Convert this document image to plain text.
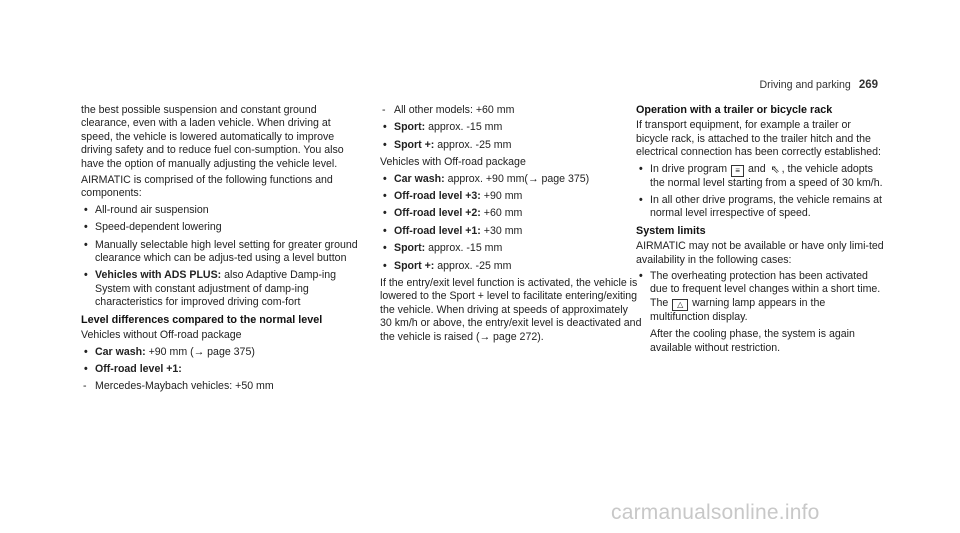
Driving and parking 269

the best possible suspension and constant ground clearance, even with a laden vehicle. When driving at speed, the vehicle is lowered automatically to improve driving safety and to reduce fuel con-sumption. You also have the option of manually adjusting the vehicle level.

AIRMATIC is comprised of the following functions and components:

• All-round air suspension
• Speed-dependent lowering
• Manually selectable high level setting for greater ground clearance which can be adjus-ted using a level button
• Vehicles with ADS PLUS: also Adaptive Damp-ing System with constant adjustment of damp-ing characteristics for improved driving com-fort
Level differences compared to the normal level

Vehicles without Off-road package

• Car wash: +90 mm (→ page 375)
• Off-road level +1:
- Mercedes-Maybach vehicles: +50 mm
- All other models: +60 mm
• Sport: approx. -15 mm
• Sport +: approx. -25 mm

Vehicles with Off-road package

• Car wash: approx. +90 mm(→ page 375)
• Off-road level +3: +90 mm
• Off-road level +2: +60 mm
• Off-road level +1: +30 mm
• Sport: approx. -15 mm
• Sport +: approx. -25 mm

If the entry/exit level function is activated, the vehicle is lowered to the Sport + level to facilitate entering/exiting the vehicle. When driving at speeds of approximately 30 km/h or above, the entry/exit level is deactivated and the vehicle is raised (→ page 272).

Operation with a trailer or bicycle rack

If transport equipment, for example a trailer or bicycle rack, is attached to the trailer hitch and the electrical connection has been correctly established:

• In drive program ≡ and ⇖ , the vehicle adopts the normal level starting from a speed of 30 km/h.
• In all other drive programs, the vehicle remains at normal level irrespective of speed.
System limits

AIRMATIC may not be available or have only limi-ted availability in the following cases:

• The overheating protection has been activated due to frequent level changes within a short time. The △ warning lamp appears in the multifunction display.

After the cooling phase, the system is again available without restriction.

carmanualsonline.info
